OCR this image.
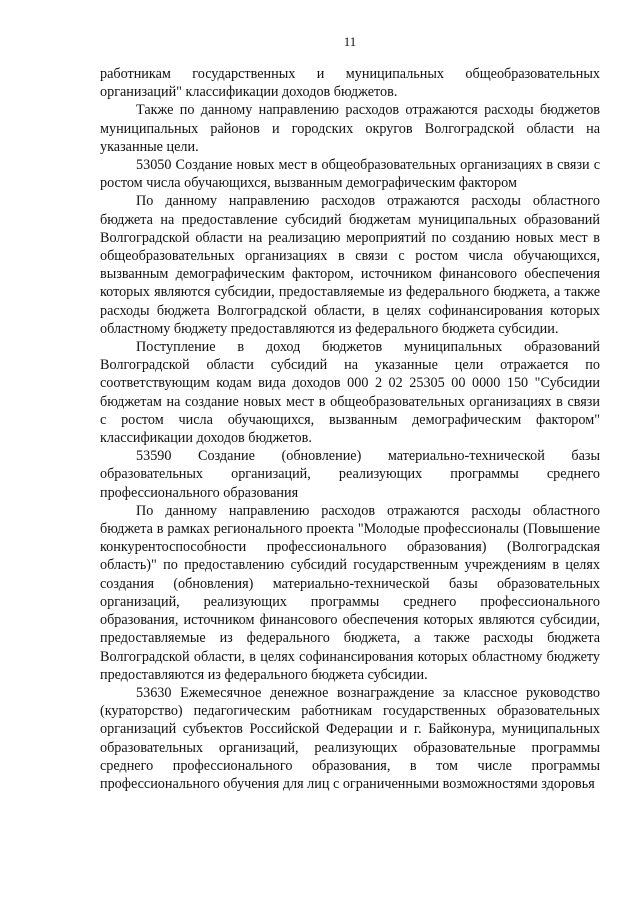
11

работникам государственных и муниципальных общеобразовательных организаций" классификации доходов бюджетов.

Также по данному направлению расходов отражаются расходы бюджетов муниципальных районов и городских округов Волгоградской области на указанные цели.

53050 Создание новых мест в общеобразовательных организациях в связи с ростом числа обучающихся, вызванным демографическим фактором

По данному направлению расходов отражаются расходы областного бюджета на предоставление субсидий бюджетам муниципальных образований Волгоградской области на реализацию мероприятий по созданию новых мест в общеобразовательных организациях в связи с ростом числа обучающихся, вызванным демографическим фактором, источником финансового обеспечения которых являются субсидии, предоставляемые из федерального бюджета, а также расходы бюджета Волгоградской области, в целях софинансирования которых областному бюджету предоставляются из федерального бюджета субсидии.

Поступление в доход бюджетов муниципальных образований Волгоградской области субсидий на указанные цели отражается по соответствующим кодам вида доходов 000 2 02 25305 00 0000 150 "Субсидии бюджетам на создание новых мест в общеобразовательных организациях в связи с ростом числа обучающихся, вызванным демографическим фактором" классификации доходов бюджетов.

53590 Создание (обновление) материально-технической базы образовательных организаций, реализующих программы среднего профессионального образования

По данному направлению расходов отражаются расходы областного бюджета в рамках регионального проекта "Молодые профессионалы (Повышение конкурентоспособности профессионального образования) (Волгоградская область)" по предоставлению субсидий государственным учреждениям в целях создания (обновления) материально-технической базы образовательных организаций, реализующих программы среднего профессионального образования, источником финансового обеспечения которых являются субсидии, предоставляемые из федерального бюджета, а также расходы бюджета Волгоградской области, в целях софинансирования которых областному бюджету предоставляются из федерального бюджета субсидии.

53630 Ежемесячное денежное вознаграждение за классное руководство (кураторство) педагогическим работникам государственных образовательных организаций субъектов Российской Федерации и г. Байконура, муниципальных образовательных организаций, реализующих образовательные программы среднего профессионального образования, в том числе программы профессионального обучения для лиц с ограниченными возможностями здоровья
